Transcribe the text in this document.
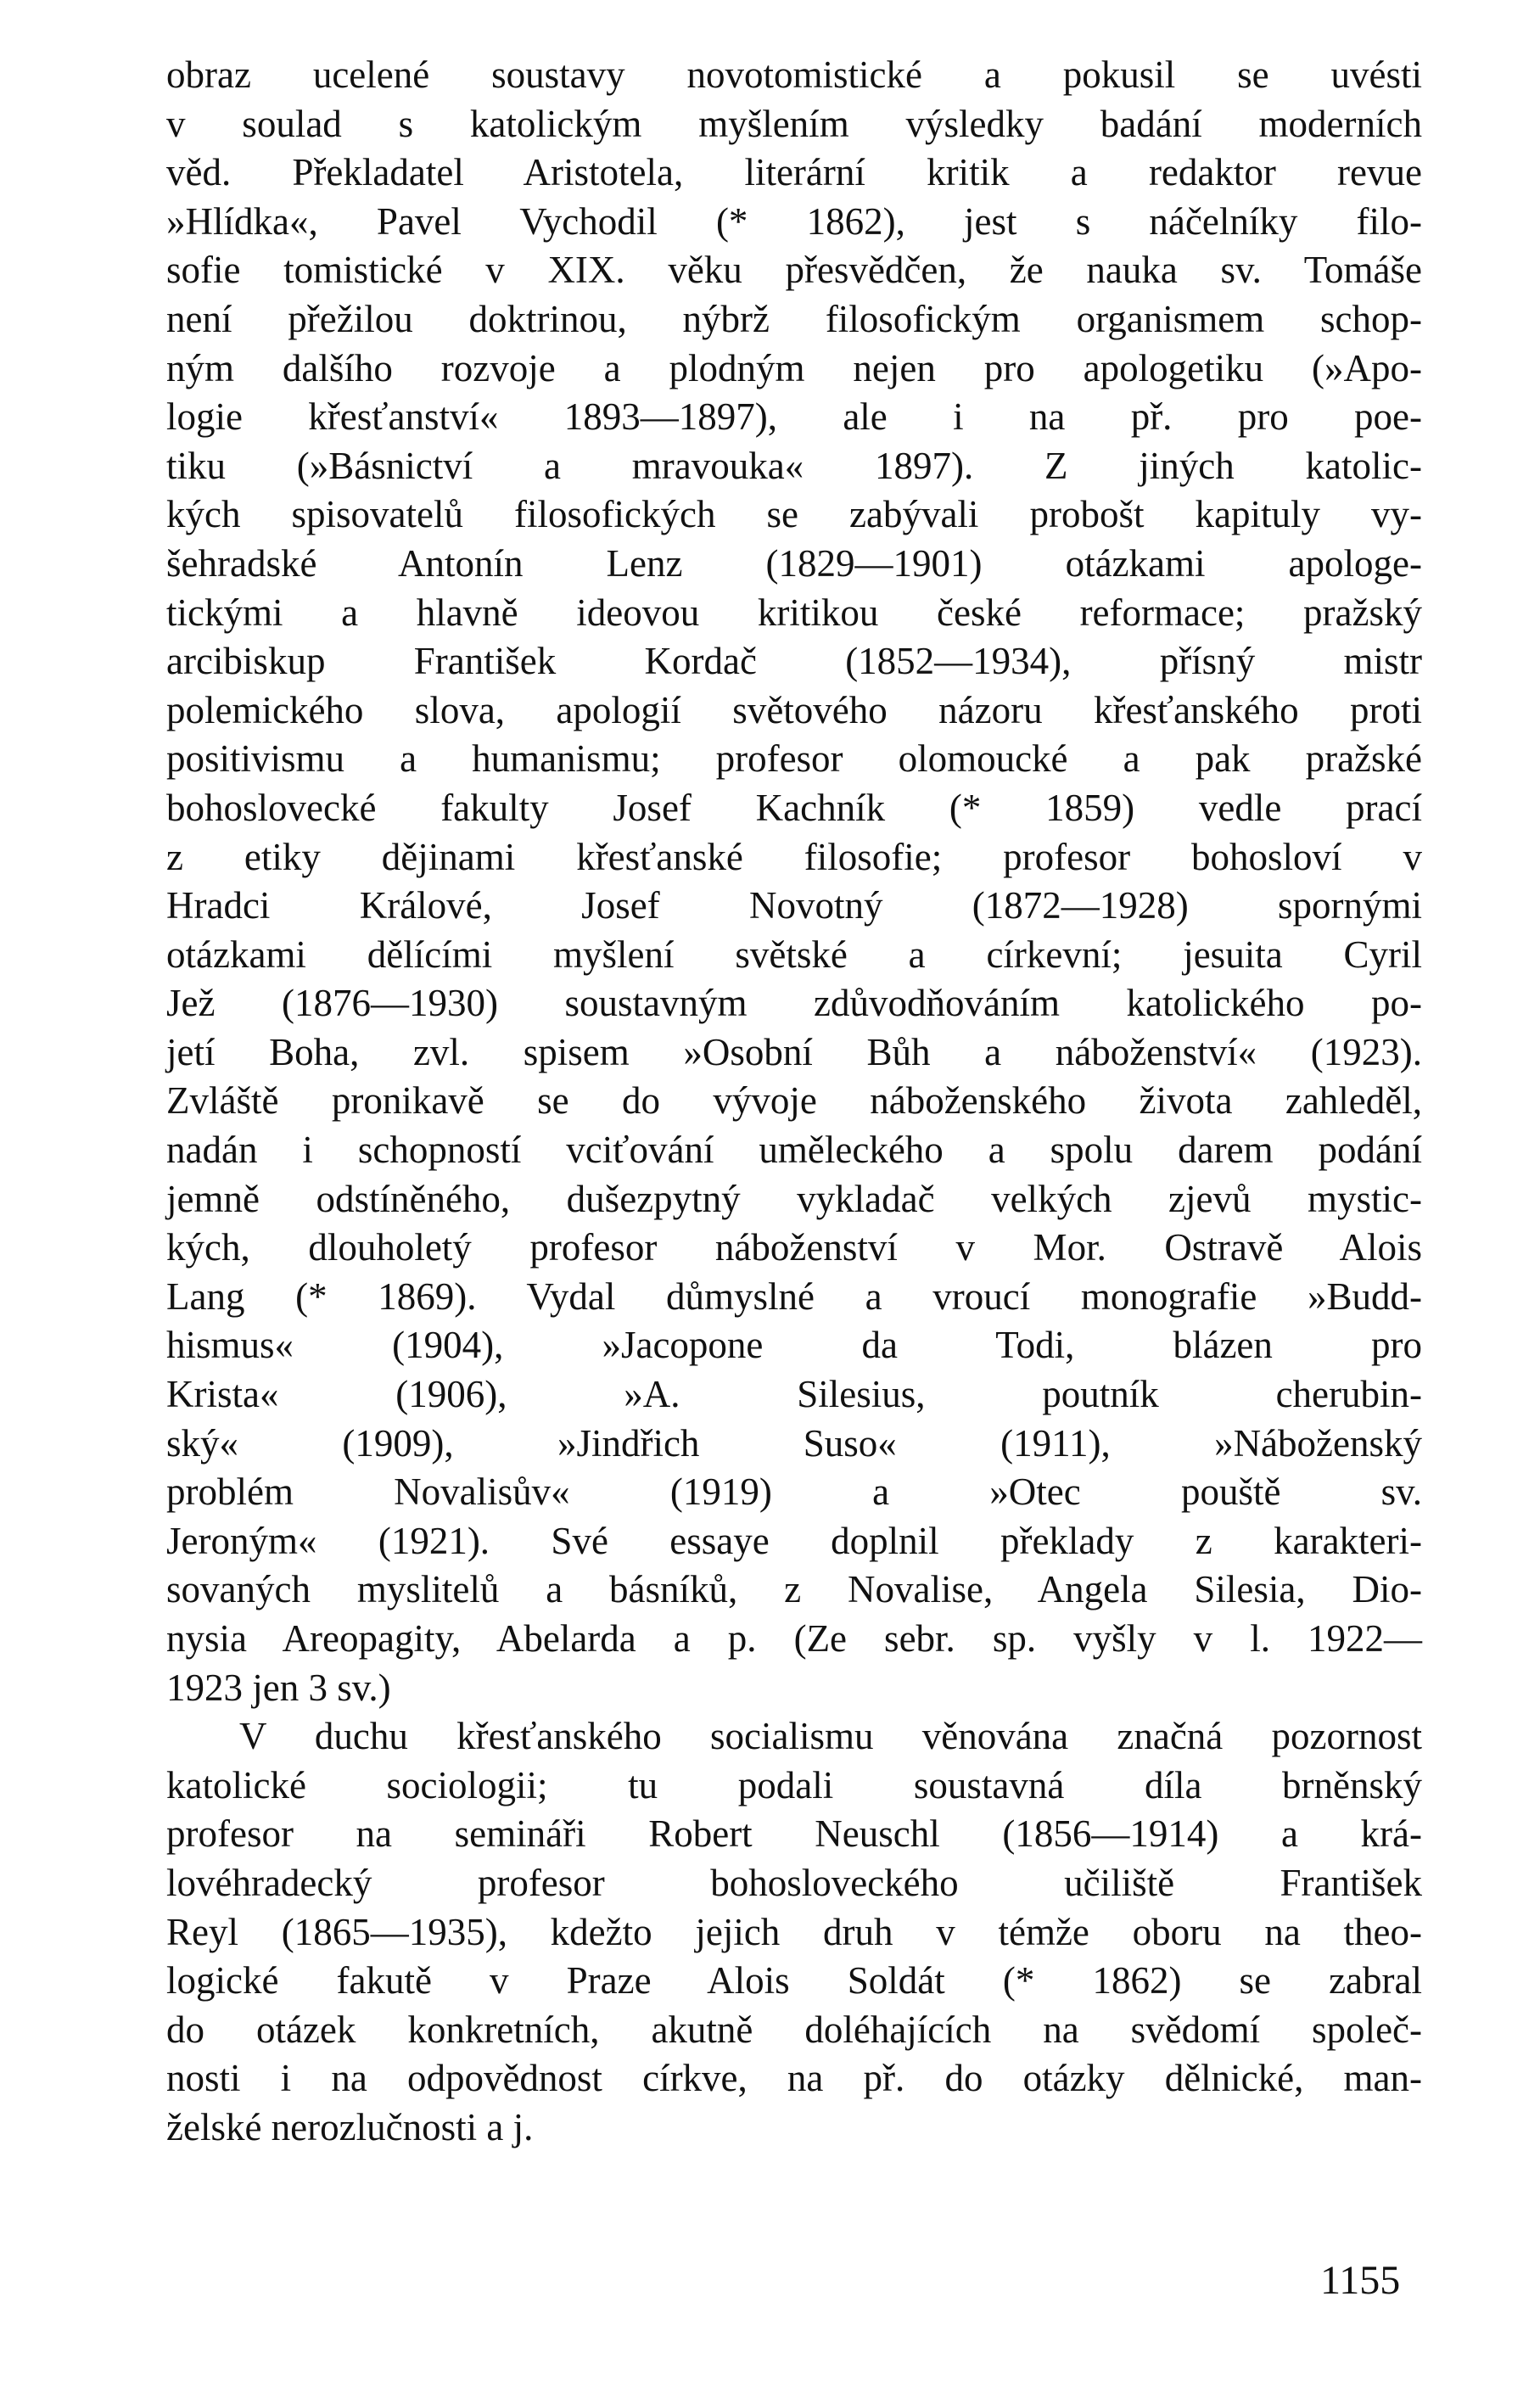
obraz ucelené soustavy novotomistické a pokusil se uvésti
v soulad s katolickým myšlením výsledky badání moderních
věd. Překladatel Aristotela, literární kritik a redaktor revue
»Hlídka«, Pavel Vychodil (* 1862), jest s náčelníky filo-
sofie tomistické v XIX. věku přesvědčen, že nauka sv. Tomáše
není přežilou doktrinou, nýbrž filosofickým organismem schop-
ným dalšího rozvoje a plodným nejen pro apologetiku (»Apo-
logie křesťanství« 1893—1897), ale i na př. pro poe-
tiku (»Básnictví a mravouka« 1897). Z jiných katolic-
kých spisovatelů filosofických se zabývali probošt kapituly vy-
šehradské Antonín Lenz (1829—1901) otázkami apologe-
tickými a hlavně ideovou kritikou české reformace; pražský
arcibiskup František Kordač (1852—1934), přísný mistr
polemického slova, apologií světového názoru křesťanského proti
positivismu a humanismu; profesor olomoucké a pak pražské
bohoslovecké fakulty Josef Kachník (* 1859) vedle prací
z etiky dějinami křesťanské filosofie; profesor bohosloví v
Hradci Králové, Josef Novotný (1872—1928) spornými
otázkami dělícími myšlení světské a církevní; jesuita Cyril
Jež (1876—1930) soustavným zdůvodňováním katolického po-
jetí Boha, zvl. spisem »Osobní Bůh a náboženství« (1923).
Zvláště pronikavě se do vývoje náboženského života zahleděl,
nadán i schopností vciťování uměleckého a spolu darem podání
jemně odstíněného, dušezpytný vykladač velkých zjevů mystic-
kých, dlouholetý profesor náboženství v Mor. Ostravě Alois
Lang (* 1869). Vydal důmyslné a vroucí monografie »Budd-
hismus« (1904), »Jacopone da Todi, blázen pro
Krista« (1906), »A. Silesius, poutník cherubin-
ský« (1909), »Jindřich Suso« (1911), »Náboženský
problém Novalisův« (1919) a »Otec pouště sv.
Jeroným« (1921). Své essaye doplnil překlady z karakteri-
sovaných myslitelů a básníků, z Novalise, Angela Silesia, Dio-
nysia Areopagity, Abelarda a p. (Ze sebr. sp. vyšly v l. 1922—
1923 jen 3 sv.)
V duchu křesťanského socialismu věnována značná pozornost
katolické sociologii; tu podali soustavná díla brněnský
profesor na semináři Robert Neuschl (1856—1914) a krá-
lovéhradecký profesor bohosloveckého učiliště František
Reyl (1865—1935), kdežto jejich druh v témže oboru na theo-
logické fakutě v Praze Alois Soldát (* 1862) se zabral
do otázek konkretních, akutně doléhajících na svědomí společ-
nosti i na odpovědnost církve, na př. do otázky dělnické, man-
želské nerozlučnosti a j.
1155
